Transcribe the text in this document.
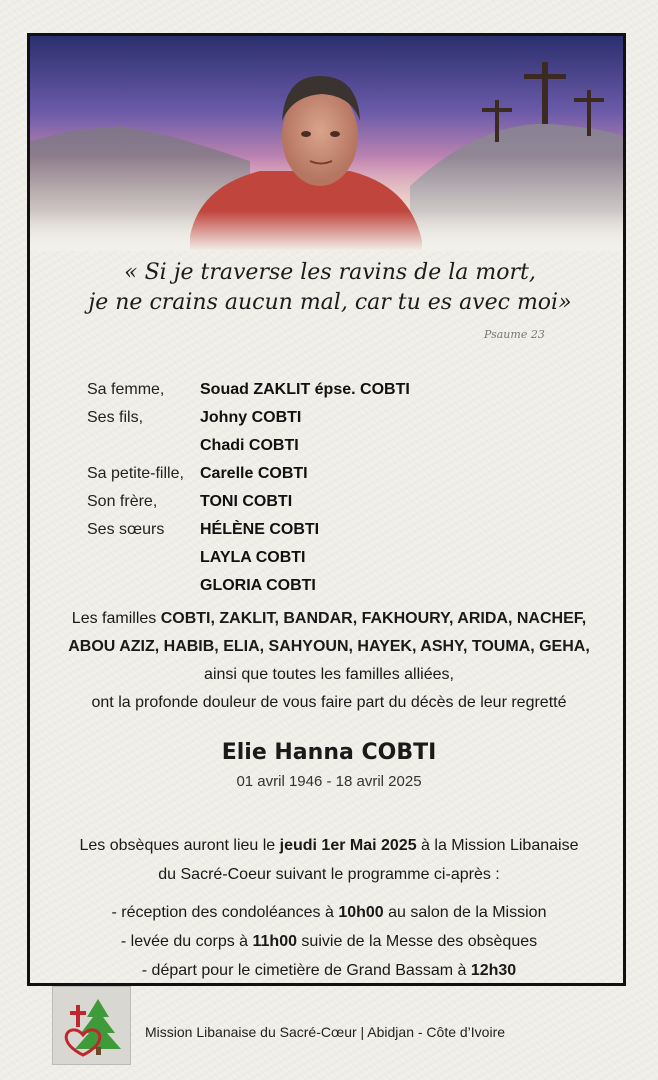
« Si je traverse les ravins de la mort,
je ne crains aucun mal, car tu es avec moi»
Psaume 23
Sa femme,	Souad ZAKLIT épse. COBTI
Ses fils,	Johny COBTI
Chadi COBTI
Sa petite-fille,	Carelle COBTI
Son frère,	TONI COBTI
Ses sœurs	HÉLÈNE COBTI
LAYLA COBTI
GLORIA COBTI
Les familles COBTI, ZAKLIT, BANDAR, FAKHOURY, ARIDA, NACHEF,
ABOU AZIZ, HABIB, ELIA, SAHYOUN, HAYEK, ASHY, TOUMA, GEHA,
ainsi que toutes les familles alliées,
ont la profonde douleur de vous faire part du décès de leur regretté
Elie Hanna COBTI
01 avril 1946 - 18 avril 2025
Les obsèques auront lieu le jeudi 1er Mai 2025 à la Mission Libanaise
du Sacré-Coeur suivant le programme ci-après :
- réception des condoléances à 10h00 au salon de la Mission
- levée du corps à 11h00 suivie de la Messe des obsèques
- départ pour le cimetière de Grand Bassam à 12h30
Mission Libanaise du Sacré-Cœur | Abidjan - Côte d’Ivoire
